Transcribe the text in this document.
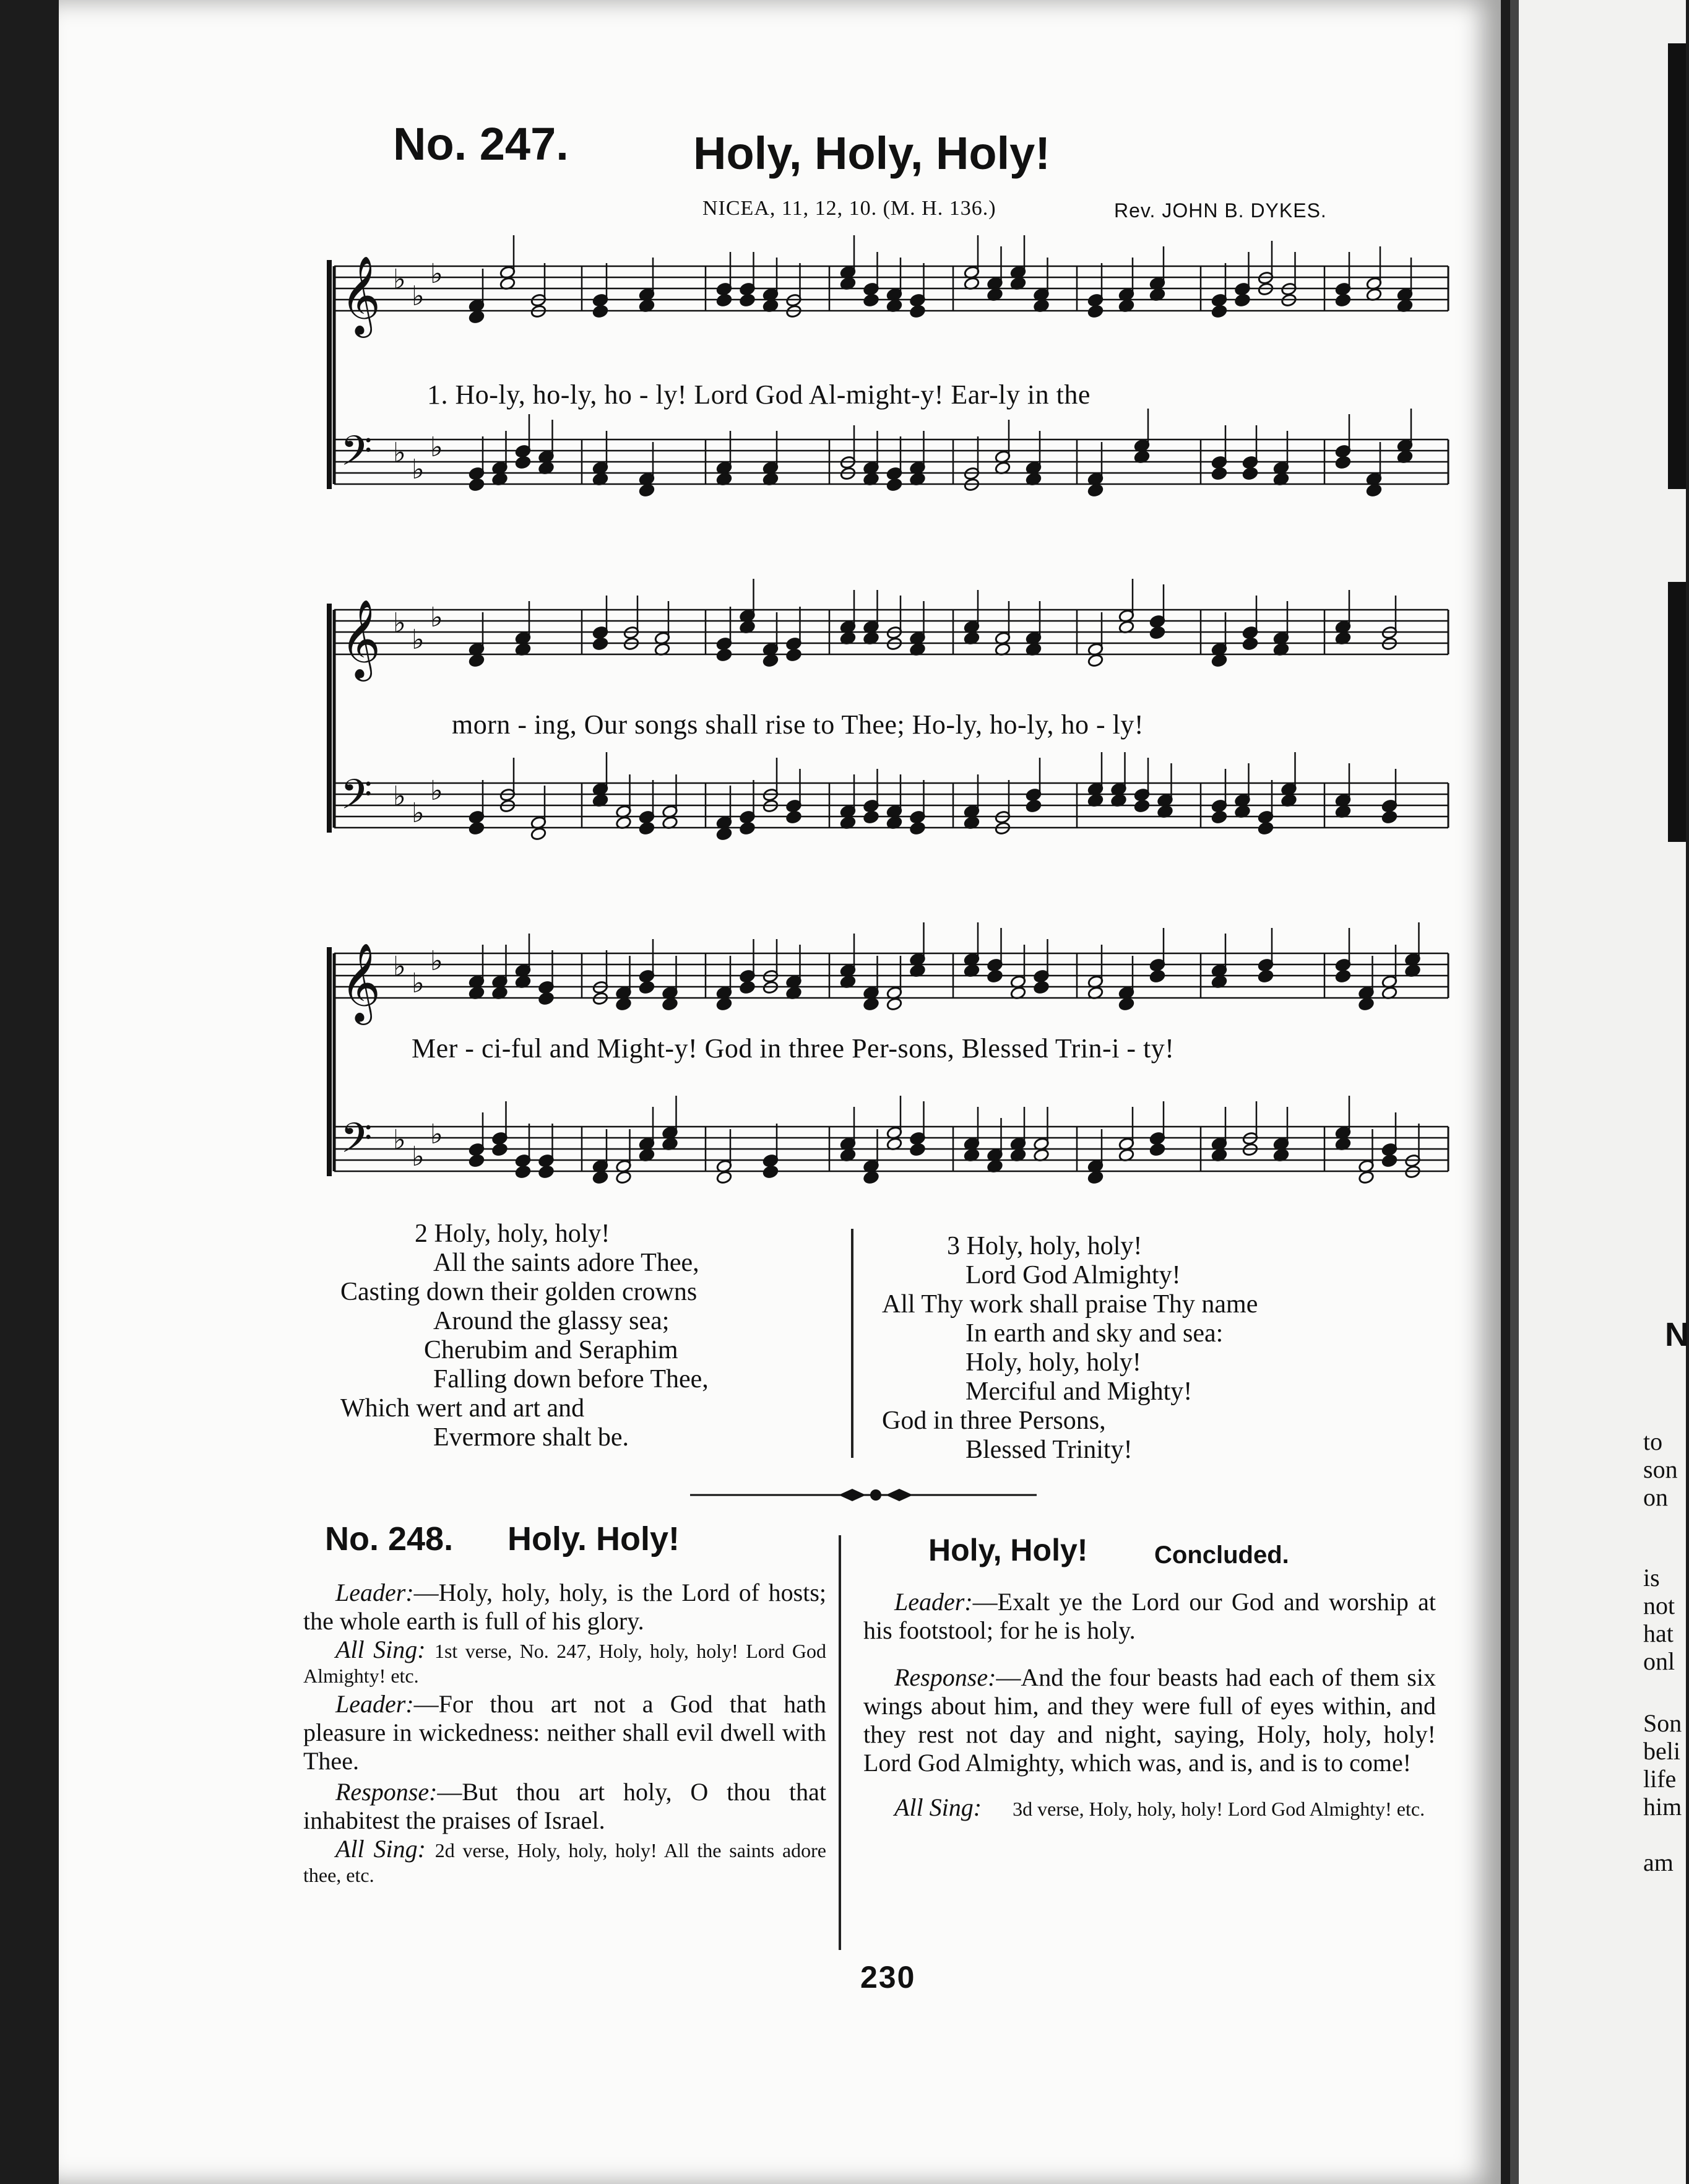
No. 247.	Holy, Holy, Holy!
NICEA, 11, 12, 10. (M. H. 136.)	Rev. JOHN B. DYKES.
𝄞 ♭
♭
♭
𝄢 ♭
♭
♭
𝄞 ♭
♭
♭
𝄢 ♭
♭
♭
𝄞 ♭
♭
♭
𝄢 ♭
♭
♭
1. Ho-ly, ho-ly, ho - ly! Lord God Al-might-y! Ear-ly in the
morn - ing, Our songs shall rise to Thee; Ho-ly, ho-ly, ho - ly!
Mer - ci-ful and Might-y! God in three Per-sons, Blessed Trin-i - ty!
2 Holy, holy, holy!
All the saints adore Thee,
Casting down their golden crowns
Around the glassy sea;
Cherubim and Seraphim
Falling down before Thee,
Which wert and art and
Evermore shalt be.
3 Holy, holy, holy!
Lord God Almighty!
All Thy work shall praise Thy name
In earth and sky and sea:
Holy, holy, holy!
Merciful and Mighty!
God in three Persons,
Blessed Trinity!
No. 248. Holy. Holy!	Holy, Holy!	Concluded.
Leader:—Holy, holy, holy, is the Lord of hosts; the whole earth is full of his glory.
All Sing: 1st verse, No. 247, Holy, holy, holy! Lord God Almighty! etc.
Leader:—For thou art not a God that hath pleasure in wickedness: neither shall evil dwell with Thee.
Response:—But thou art holy, O thou that inhabitest the praises of Israel.
All Sing: 2d verse, Holy, holy, holy! All the saints adore thee, etc.
Leader:—Exalt ye the Lord our God and worship at his footstool; for he is holy.
Response:—And the four beasts had each of them six wings about him, and they were full of eyes within, and they rest not day and night, saying, Holy, holy, holy! Lord God Almighty, which was, and is, and is to come!
All Sing: 3d verse, Holy, holy, holy! Lord God Almighty! etc.
230
N
to
son
on
is
not
hat
onl
Son
beli
life
him
am
